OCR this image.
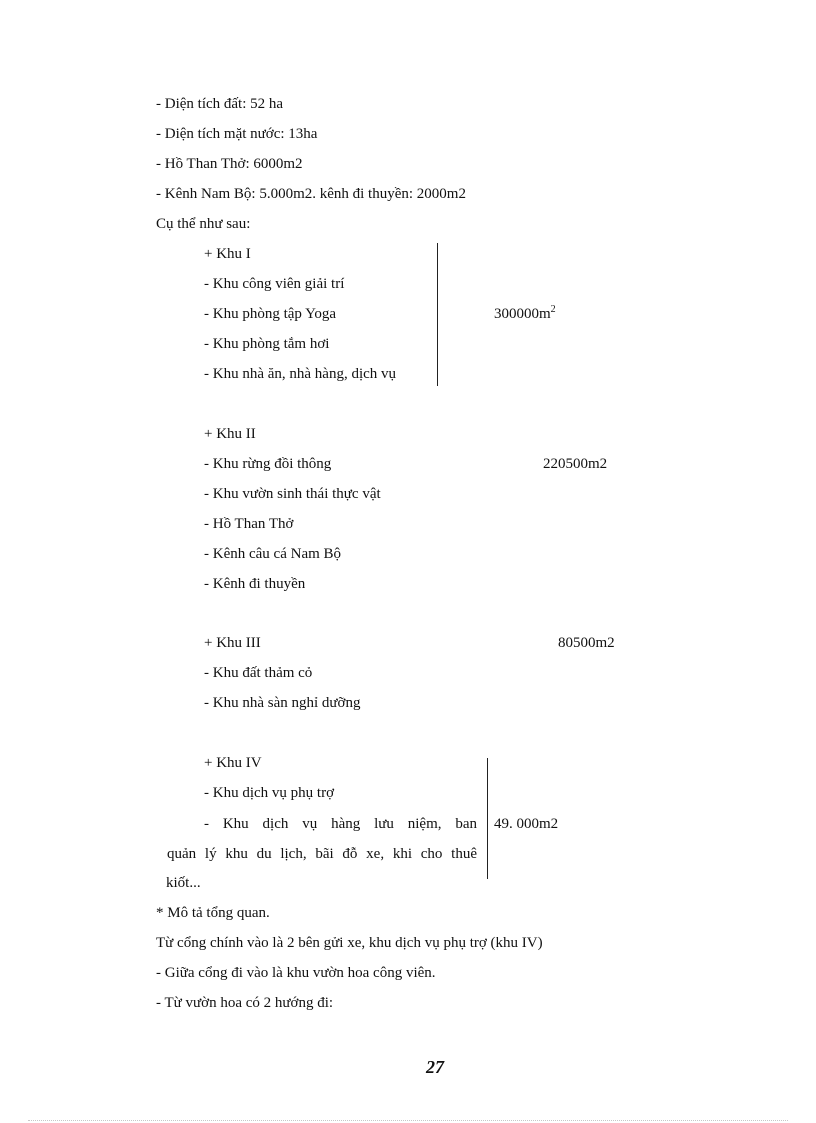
- Diện tích đất: 52 ha
- Diện tích mặt nước: 13ha
- Hồ Than Thở: 6000m2
- Kênh Nam Bộ: 5.000m2. kênh đi thuyền: 2000m2
Cụ thể như sau:
+ Khu I
- Khu công viên giải trí
- Khu phòng tập Yoga
- Khu phòng tắm hơi
- Khu nhà ăn, nhà hàng, dịch vụ
$300000m^2$
+ Khu II
- Khu rừng đồi thông	220500m2
- Khu vườn sinh thái thực vật
- Hồ Than Thở
- Kênh câu cá Nam Bộ
- Kênh đi thuyền
+ Khu III	80500m2
- Khu đất thảm cỏ
- Khu nhà sàn nghỉ dưỡng
+ Khu IV
- Khu dịch vụ phụ trợ
- Khu dịch vụ hàng lưu niệm, ban
quản lý khu du lịch, bãi đỗ xe, khi cho thuê
kiốt...
49. 000m2
* Mô tả tổng quan.
Từ cổng chính vào là 2 bên gửi xe, khu dịch vụ phụ trợ (khu IV)
- Giữa cổng đi vào là khu vườn hoa công viên.
- Từ vườn hoa có 2 hướng đi:
27
